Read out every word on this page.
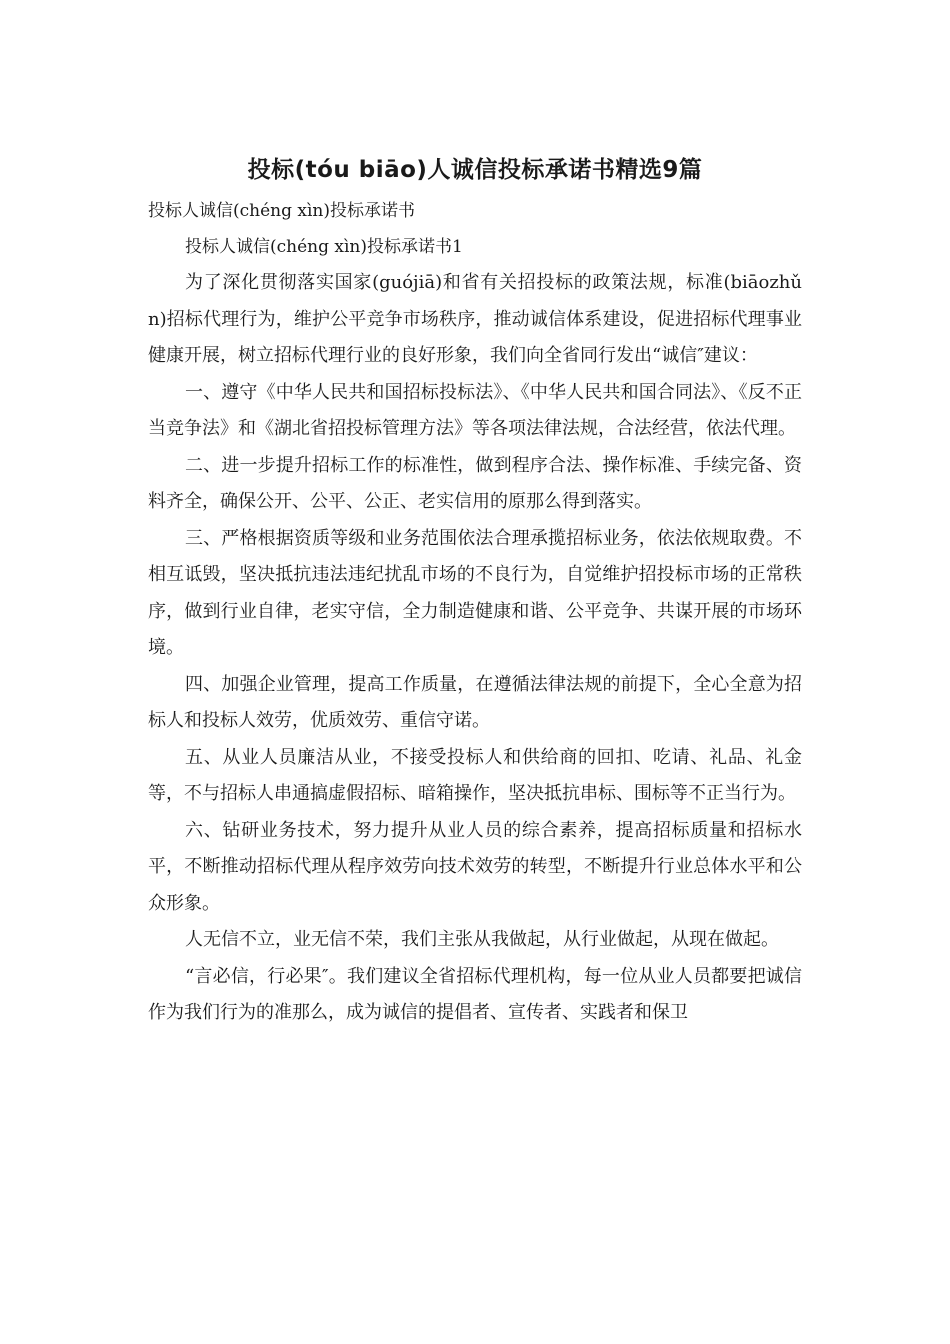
投标(tóu biāo)人诚信投标承诺书精选9篇

投标人诚信(chéng xìn)投标承诺书

投标人诚信(chéng xìn)投标承诺书1

为了深化贯彻落实国家(guójiā)和省有关招投标的政策法规，标准(biāozhǔn)招标代理行为，维护公平竞争市场秩序，推动诚信体系建设，促进招标代理事业健康开展，树立招标代理行业的良好形象，我们向全省同行发出“诚信″建议：

一、遵守《中华人民共和国招标投标法》、《中华人民共和国合同法》、《反不正当竞争法》和《湖北省招投标管理方法》等各项法律法规，合法经营，依法代理。

二、进一步提升招标工作的标准性，做到程序合法、操作标准、手续完备、资料齐全，确保公开、公平、公正、老实信用的原那么得到落实。

三、严格根据资质等级和业务范围依法合理承揽招标业务，依法依规取费。不相互诋毁，坚决抵抗违法违纪扰乱市场的不良行为，自觉维护招投标市场的正常秩序，做到行业自律，老实守信，全力制造健康和谐、公平竞争、共谋开展的市场环境。

四、加强企业管理，提高工作质量，在遵循法律法规的前提下，全心全意为招标人和投标人效劳，优质效劳、重信守诺。

五、从业人员廉洁从业，不接受投标人和供给商的回扣、吃请、礼品、礼金等，不与招标人串通搞虚假招标、暗箱操作，坚决抵抗串标、围标等不正当行为。

六、钻研业务技术，努力提升从业人员的综合素养，提高招标质量和招标水平，不断推动招标代理从程序效劳向技术效劳的转型，不断提升行业总体水平和公众形象。

人无信不立，业无信不荣，我们主张从我做起，从行业做起，从现在做起。

“言必信，行必果″。我们建议全省招标代理机构，每一位从业人员都要把诚信作为我们行为的准那么，成为诚信的提倡者、宣传者、实践者和保卫
